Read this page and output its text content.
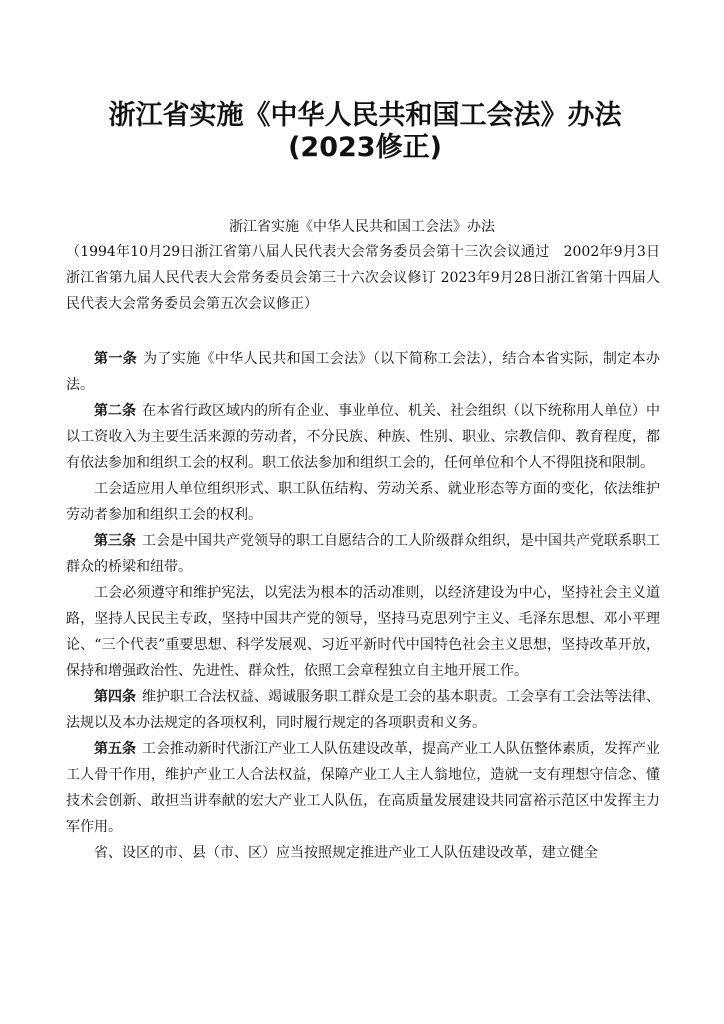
浙江省实施《中华人民共和国工会法》办法(2023修正)
浙江省实施《中华人民共和国工会法》办法
（1994年10月29日浙江省第八届人民代表大会常务委员会第十三次会议通过　2002年9月3日浙江省第九届人民代表大会常务委员会第三十六次会议修订 2023年9月28日浙江省第十四届人民代表大会常务委员会第五次会议修正）

第一条 为了实施《中华人民共和国工会法》（以下简称工会法），结合本省实际，制定本办法。

第二条 在本省行政区域内的所有企业、事业单位、机关、社会组织（以下统称用人单位）中以工资收入为主要生活来源的劳动者，不分民族、种族、性别、职业、宗教信仰、教育程度，都有依法参加和组织工会的权利。职工依法参加和组织工会的，任何单位和个人不得阻挠和限制。

工会适应用人单位组织形式、职工队伍结构、劳动关系、就业形态等方面的变化，依法维护劳动者参加和组织工会的权利。

第三条 工会是中国共产党领导的职工自愿结合的工人阶级群众组织，是中国共产党联系职工群众的桥梁和纽带。

工会必须遵守和维护宪法，以宪法为根本的活动准则，以经济建设为中心，坚持社会主义道路，坚持人民民主专政，坚持中国共产党的领导，坚持马克思列宁主义、毛泽东思想、邓小平理论、“三个代表”重要思想、科学发展观、习近平新时代中国特色社会主义思想，坚持改革开放，保持和增强政治性、先进性、群众性，依照工会章程独立自主地开展工作。

第四条 维护职工合法权益、竭诚服务职工群众是工会的基本职责。工会享有工会法等法律、法规以及本办法规定的各项权利，同时履行规定的各项职责和义务。

第五条 工会推动新时代浙江产业工人队伍建设改革，提高产业工人队伍整体素质，发挥产业工人骨干作用，维护产业工人合法权益，保障产业工人主人翁地位，造就一支有理想守信念、懂技术会创新、敢担当讲奉献的宏大产业工人队伍，在高质量发展建设共同富裕示范区中发挥主力军作用。

省、设区的市、县（市、区）应当按照规定推进产业工人队伍建设改革，建立健全
